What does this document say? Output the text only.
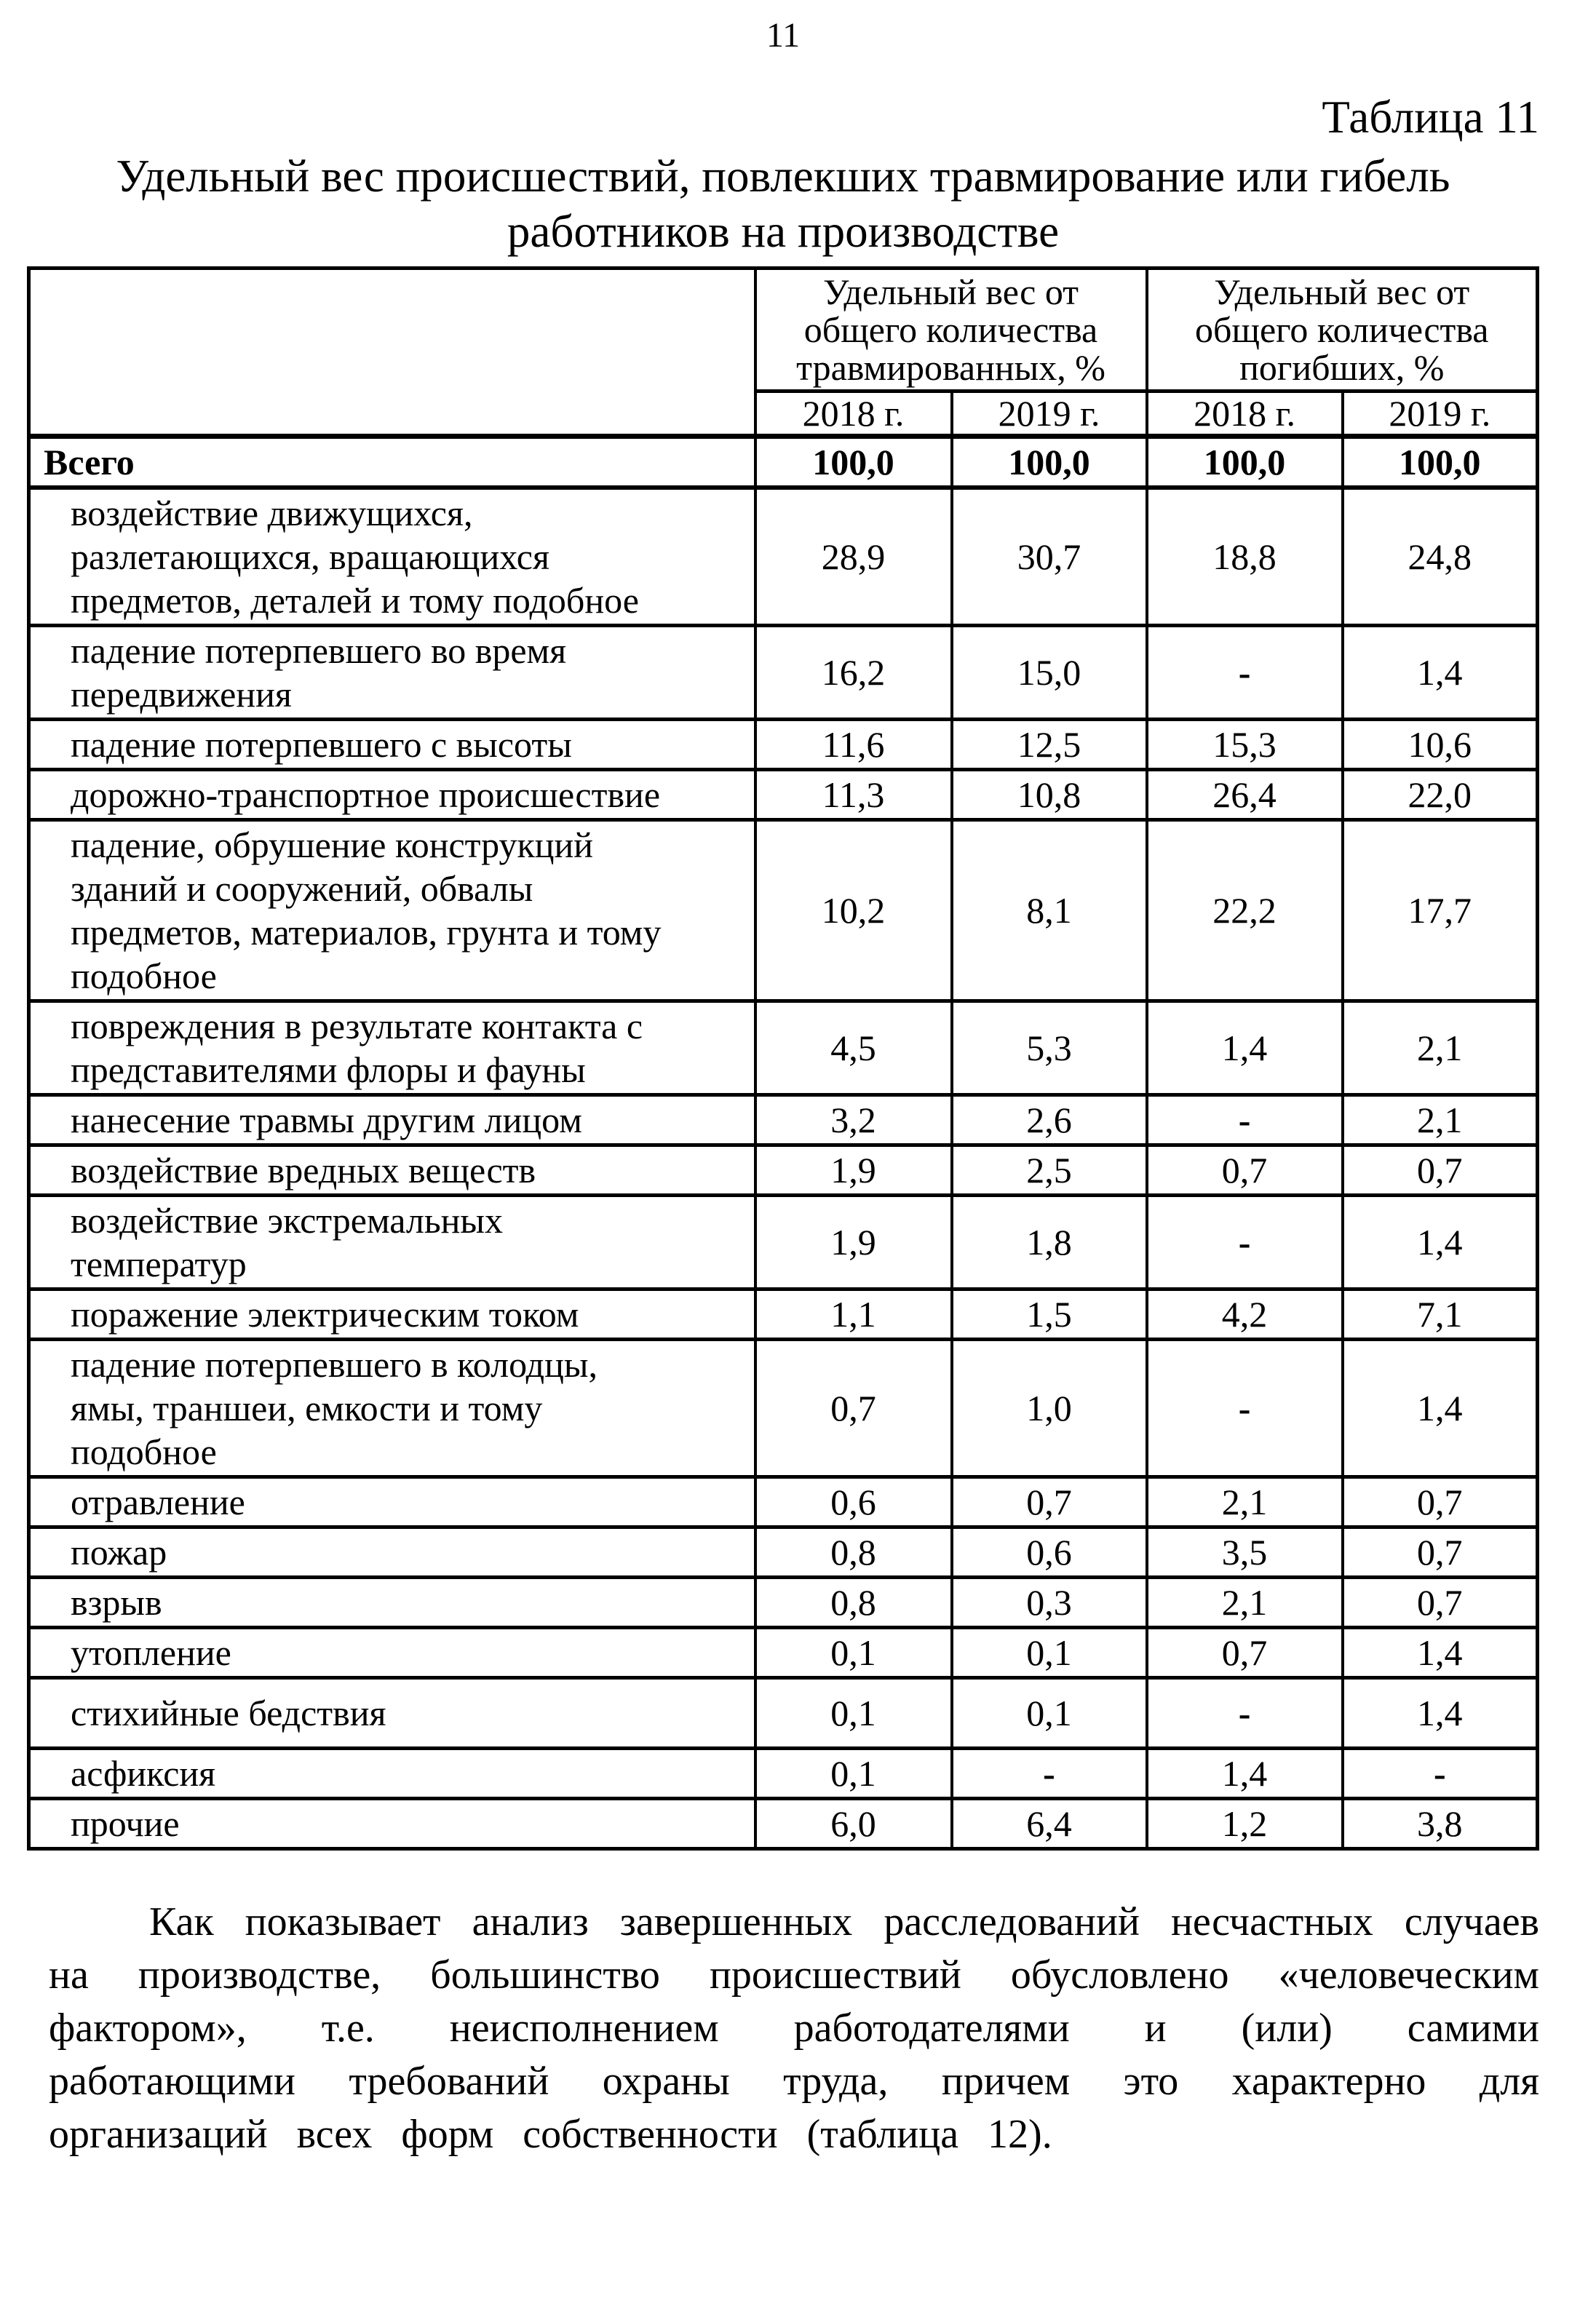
11
Таблица 11
Удельный вес происшествий, повлекших травмирование или гибель
работников на производстве
	Удельный вес от общего количества травмированных, %		Удельный вес от общего количества погибших, %	
	2018 г.	2019 г.	2018 г.	2019 г.
Всего	100,0	100,0	100,0	100,0
воздействие движущихся, разлетающихся, вращающихся предметов, деталей и тому подобное	28,9	30,7	18,8	24,8
падение потерпевшего во время передвижения	16,2	15,0	-	1,4
падение потерпевшего с высоты	11,6	12,5	15,3	10,6
дорожно-транспортное происшествие	11,3	10,8	26,4	22,0
падение, обрушение конструкций зданий и сооружений, обвалы предметов, материалов, грунта и тому подобное	10,2	8,1	22,2	17,7
повреждения в результате контакта с представителями флоры и фауны	4,5	5,3	1,4	2,1
нанесение травмы другим лицом	3,2	2,6	-	2,1
воздействие вредных веществ	1,9	2,5	0,7	0,7
воздействие экстремальных температур	1,9	1,8	-	1,4
поражение электрическим током	1,1	1,5	4,2	7,1
падение потерпевшего в колодцы, ямы, траншеи, емкости и тому подобное	0,7	1,0	-	1,4
отравление	0,6	0,7	2,1	0,7
пожар	0,8	0,6	3,5	0,7
взрыв	0,8	0,3	2,1	0,7
утопление	0,1	0,1	0,7	1,4
стихийные бедствия	0,1	0,1	-	1,4
асфиксия	0,1	-	1,4	-
прочие	6,0	6,4	1,2	3,8

Как показывает анализ завершенных расследований несчастных случаев на производстве, большинство происшествий обусловлено «человеческим фактором», т.е. неисполнением работодателями и (или) самими работающими требований охраны труда, причем это характерно для организаций всех форм собственности (таблица 12).
